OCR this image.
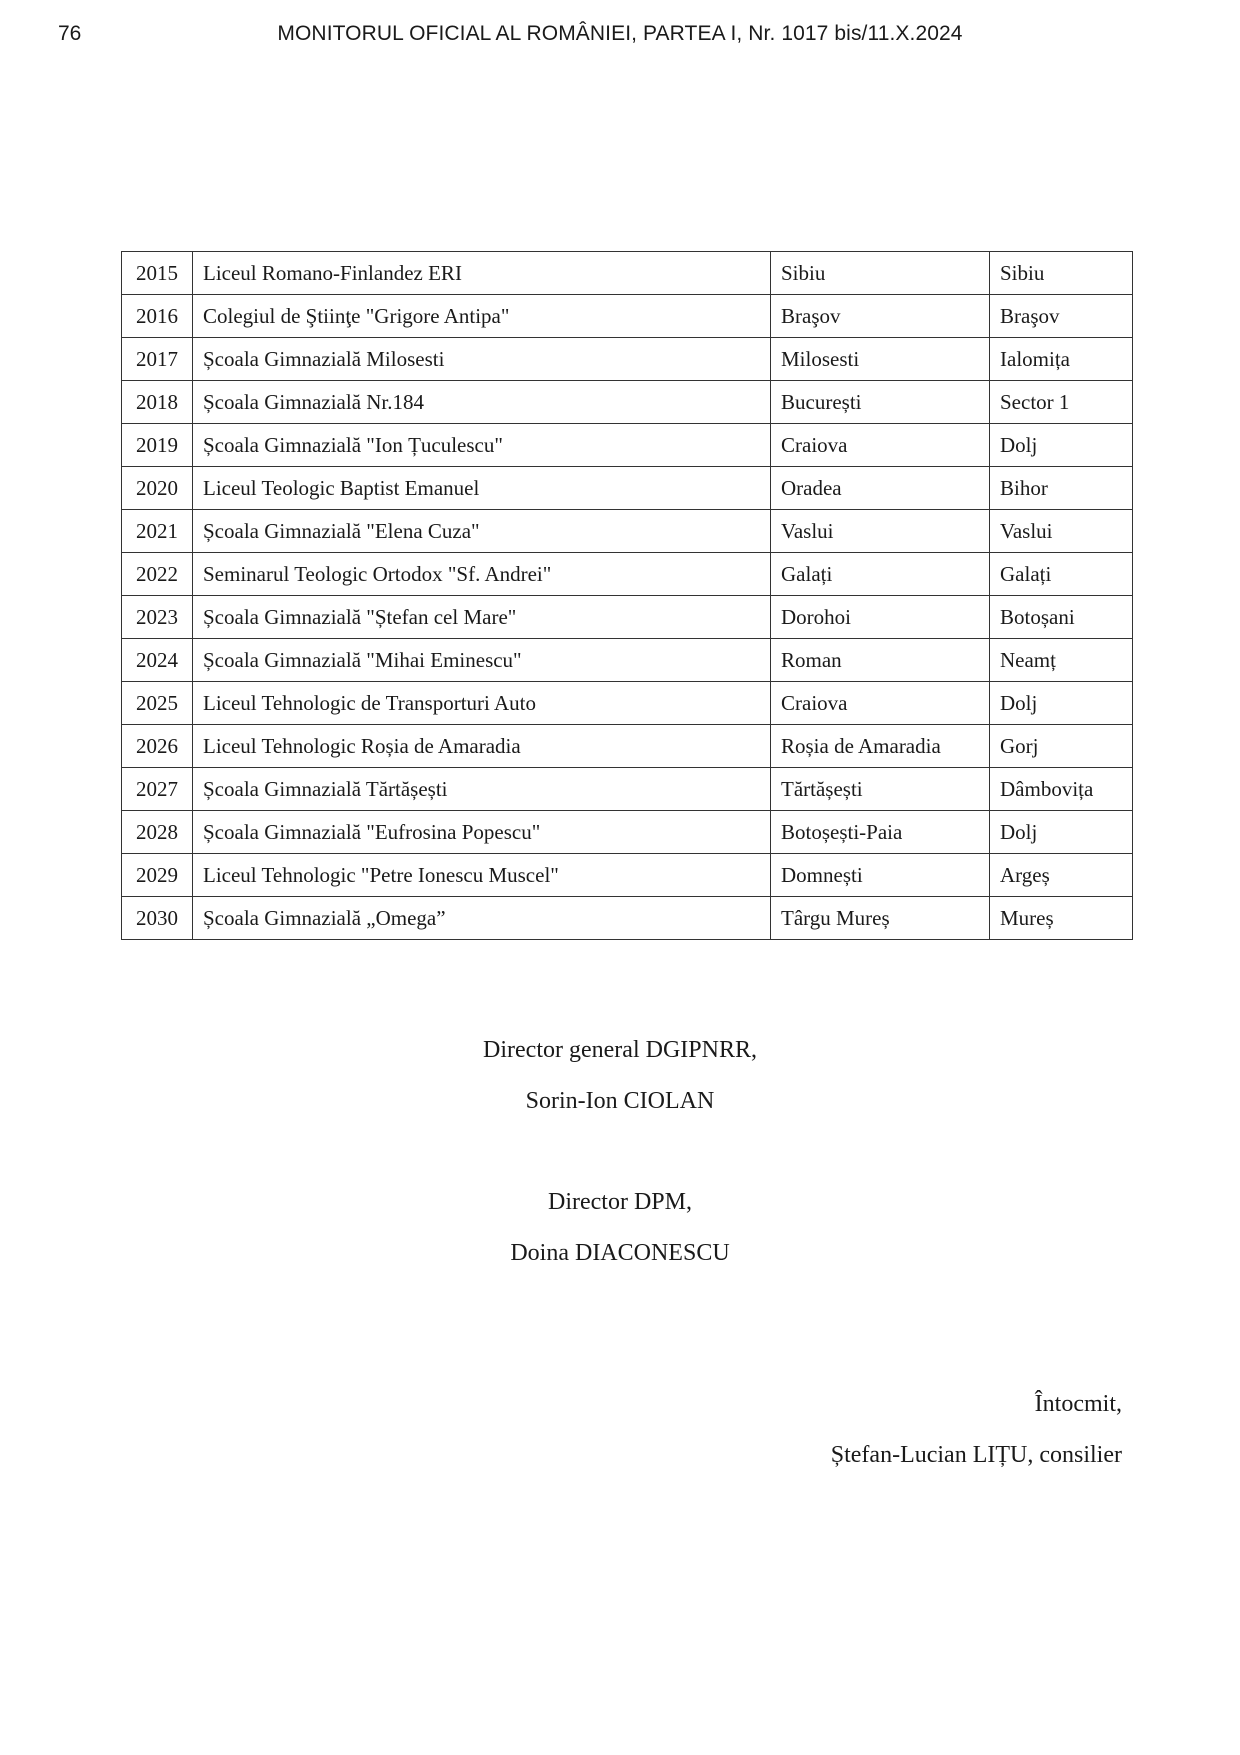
76	MONITORUL OFICIAL AL ROMÂNIEI, PARTEA I, Nr. 1017 bis/11.X.2024
2015	Liceul Romano-Finlandez ERI	Sibiu	Sibiu
2016	Colegiul de Ştiinţe "Grigore Antipa"	Braşov	Braşov
2017	Școala Gimnazială Milosesti	Milosesti	Ialomița
2018	Școala Gimnazială Nr.184	București	Sector 1
2019	Școala Gimnazială "Ion Țuculescu"	Craiova	Dolj
2020	Liceul Teologic Baptist Emanuel	Oradea	Bihor
2021	Școala Gimnazială "Elena Cuza"	Vaslui	Vaslui
2022	Seminarul Teologic Ortodox "Sf. Andrei"	Galați	Galați
2023	Școala Gimnazială "Ștefan cel Mare"	Dorohoi	Botoșani
2024	Școala Gimnazială "Mihai Eminescu"	Roman	Neamț
2025	Liceul Tehnologic de Transporturi Auto	Craiova	Dolj
2026	Liceul Tehnologic Roșia de Amaradia	Roșia de Amaradia	Gorj
2027	Școala Gimnazială Tărtășești	Tărtășești	Dâmbovița
2028	Școala Gimnazială "Eufrosina Popescu"	Botoșești-Paia	Dolj
2029	Liceul Tehnologic "Petre Ionescu Muscel"	Domnești	Argeș
2030	Școala Gimnazială „Omega”	Târgu Mureș	Mureș
Director general DGIPNRR,
Sorin-Ion CIOLAN
Director DPM,
Doina DIACONESCU
Întocmit,
Ștefan-Lucian LIȚU, consilier
